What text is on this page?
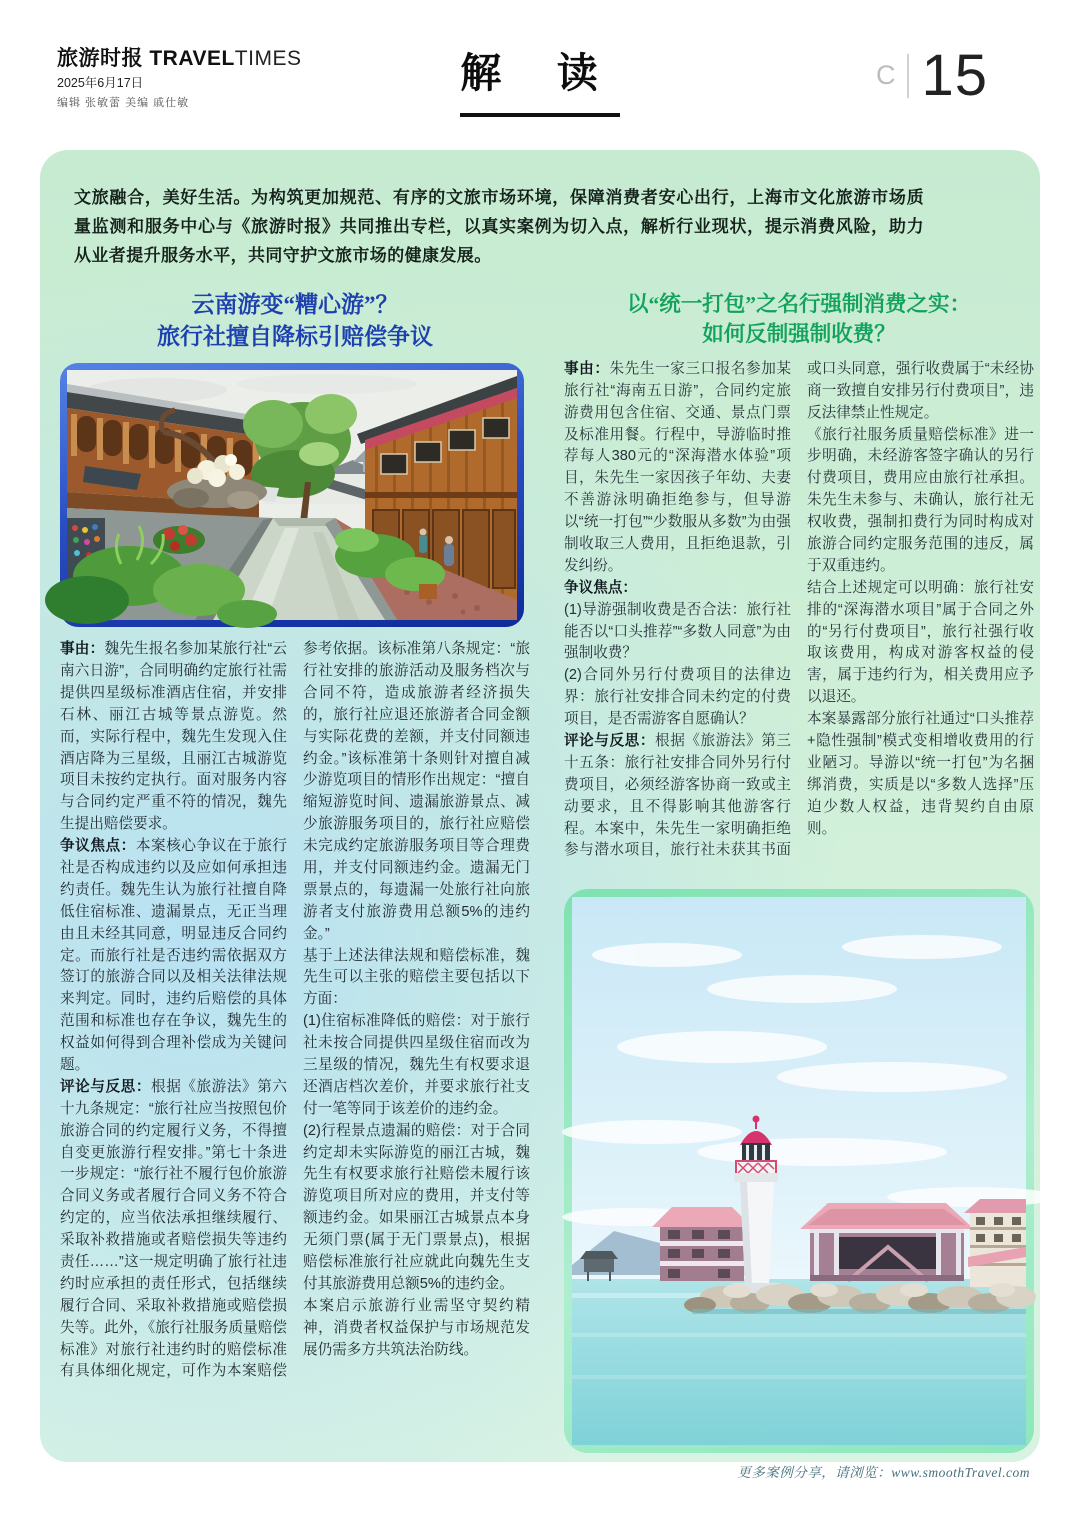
旅游时报 TRAVELTIMES
2025年6月17日
编辑 张敏蕾 美编 戚仕敏
解 读	C 15
文旅融合，美好生活。为构筑更加规范、有序的文旅市场环境，保障消费者安心出行，上海市文化旅游市场质量监测和服务中心与《旅游时报》共同推出专栏，以真实案例为切入点，解析行业现状，提示消费风险，助力从业者提升服务水平，共同守护文旅市场的健康发展。
云南游变“糟心游”？
旅行社擅自降标引赔偿争议

事由：魏先生报名参加某旅行社“云南六日游”，合同明确约定旅行社需提供四星级标准酒店住宿，并安排石林、丽江古城等景点游览。然而，实际行程中，魏先生发现入住酒店降为三星级，且丽江古城游览项目未按约定执行。面对服务内容与合同约定严重不符的情况，魏先生提出赔偿要求。

争议焦点：本案核心争议在于旅行社是否构成违约以及应如何承担违约责任。魏先生认为旅行社擅自降低住宿标准、遗漏景点，无正当理由且未经其同意，明显违反合同约定。而旅行社是否违约需依据双方签订的旅游合同以及相关法律法规来判定。同时，违约后赔偿的具体范围和标准也存在争议，魏先生的权益如何得到合理补偿成为关键问题。

评论与反思：根据《旅游法》第六十九条规定：“旅行社应当按照包价旅游合同的约定履行义务，不得擅自变更旅游行程安排。”第七十条进一步规定：“旅行社不履行包价旅游合同义务或者履行合同义务不符合约定的，应当依法承担继续履行、采取补救措施或者赔偿损失等违约责任……”这一规定明确了旅行社违约时应承担的责任形式，包括继续履行合同、采取补救措施或赔偿损失等。此外，《旅行社服务质量赔偿标准》对旅行社违约时的赔偿标准有具体细化规定，可作为本案赔偿参考依据。该标准第八条规定：“旅行社安排的旅游活动及服务档次与合同不符，造成旅游者经济损失的，旅行社应退还旅游者合同金额与实际花费的差额，并支付同额违约金。”该标准第十条则针对擅自减少游览项目的情形作出规定：“擅自缩短游览时间、遗漏旅游景点、减少旅游服务项目的，旅行社应赔偿未完成约定旅游服务项目等合理费用，并支付同额违约金。遗漏无门票景点的，每遗漏一处旅行社向旅游者支付旅游费用总额5%的违约金。”

基于上述法律法规和赔偿标准，魏先生可以主张的赔偿主要包括以下方面：

(1)住宿标准降低的赔偿：对于旅行社未按合同提供四星级住宿而改为三星级的情况，魏先生有权要求退还酒店档次差价，并要求旅行社支付一笔等同于该差价的违约金。

(2)行程景点遗漏的赔偿：对于合同约定却未实际游览的丽江古城，魏先生有权要求旅行社赔偿未履行该游览项目所对应的费用，并支付等额违约金。如果丽江古城景点本身无须门票(属于无门票景点)，根据赔偿标准旅行社应就此向魏先生支付其旅游费用总额5%的违约金。

本案启示旅游行业需坚守契约精神，消费者权益保护与市场规范发展仍需多方共筑法治防线。

以“统一打包”之名行强制消费之实：
如何反制强制收费？

事由：朱先生一家三口报名参加某旅行社“海南五日游”，合同约定旅游费用包含住宿、交通、景点门票及标准用餐。行程中，导游临时推荐每人380元的“深海潜水体验”项目，朱先生一家因孩子年幼、夫妻不善游泳明确拒绝参与，但导游以“统一打包”“少数服从多数”为由强制收取三人费用，且拒绝退款，引发纠纷。

争议焦点：

(1)导游强制收费是否合法：旅行社能否以“口头推荐”“多数人同意”为由强制收费？

(2)合同外另行付费项目的法律边界：旅行社安排合同未约定的付费项目，是否需游客自愿确认？

评论与反思：根据《旅游法》第三十五条：旅行社安排合同外另行付费项目，必须经游客协商一致或主动要求，且不得影响其他游客行程。本案中，朱先生一家明确拒绝参与潜水项目，旅行社未获其书面或口头同意，强行收费属于“未经协商一致擅自安排另行付费项目”，违反法律禁止性规定。

《旅行社服务质量赔偿标准》进一步明确，未经游客签字确认的另行付费项目，费用应由旅行社承担。朱先生未参与、未确认，旅行社无权收费，强制扣费行为同时构成对旅游合同约定服务范围的违反，属于双重违约。

结合上述规定可以明确：旅行社安排的“深海潜水项目”属于合同之外的“另行付费项目”，旅行社强行收取该费用，构成对游客权益的侵害，属于违约行为，相关费用应予以退还。

本案暴露部分旅行社通过“口头推荐+隐性强制”模式变相增收费用的行业陋习。导游以“统一打包”为名捆绑消费，实质是以“多数人选择”压迫少数人权益，违背契约自由原则。

更多案例分享，请浏览：www.smoothTravel.com
